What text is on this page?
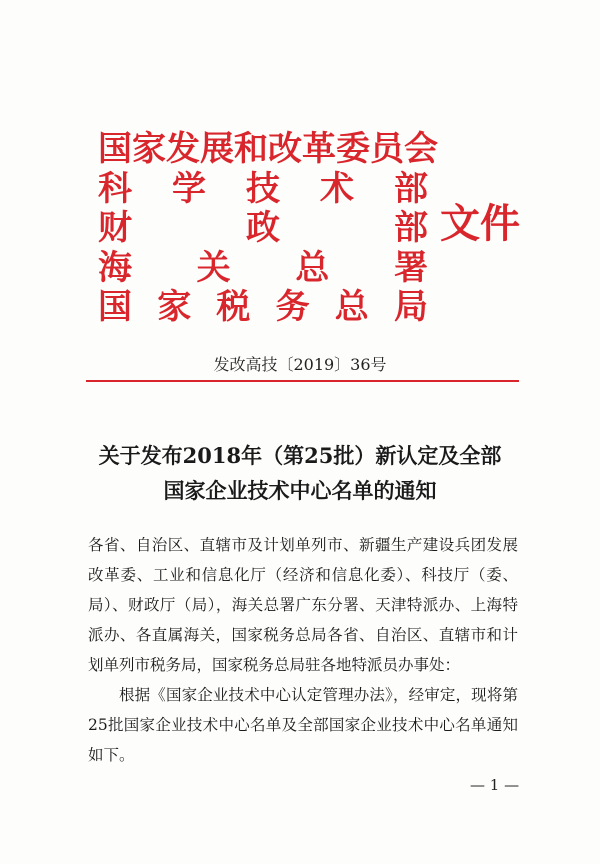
国 家 发 展 和 改 革 委 员 会
科 学 技 术 部
财	政	部
海 关 总 署
国 家 税 务 总 局
文件
发改高技〔2019〕36号
关于发布2018年（第25批）新认定及全部
国家企业技术中心名单的通知

各省、自治区、直辖市及计划单列市、新疆生产建设兵团发展改革委、工业和信息化厅（经济和信息化委）、科技厅（委、局）、财政厅（局），海关总署广东分署、天津特派办、上海特派办、各直属海关，国家税务总局各省、自治区、直辖市和计划单列市税务局，国家税务总局驻各地特派员办事处：

根据《国家企业技术中心认定管理办法》，经审定，现将第25批国家企业技术中心名单及全部国家企业技术中心名单通知如下。

— 1 —
